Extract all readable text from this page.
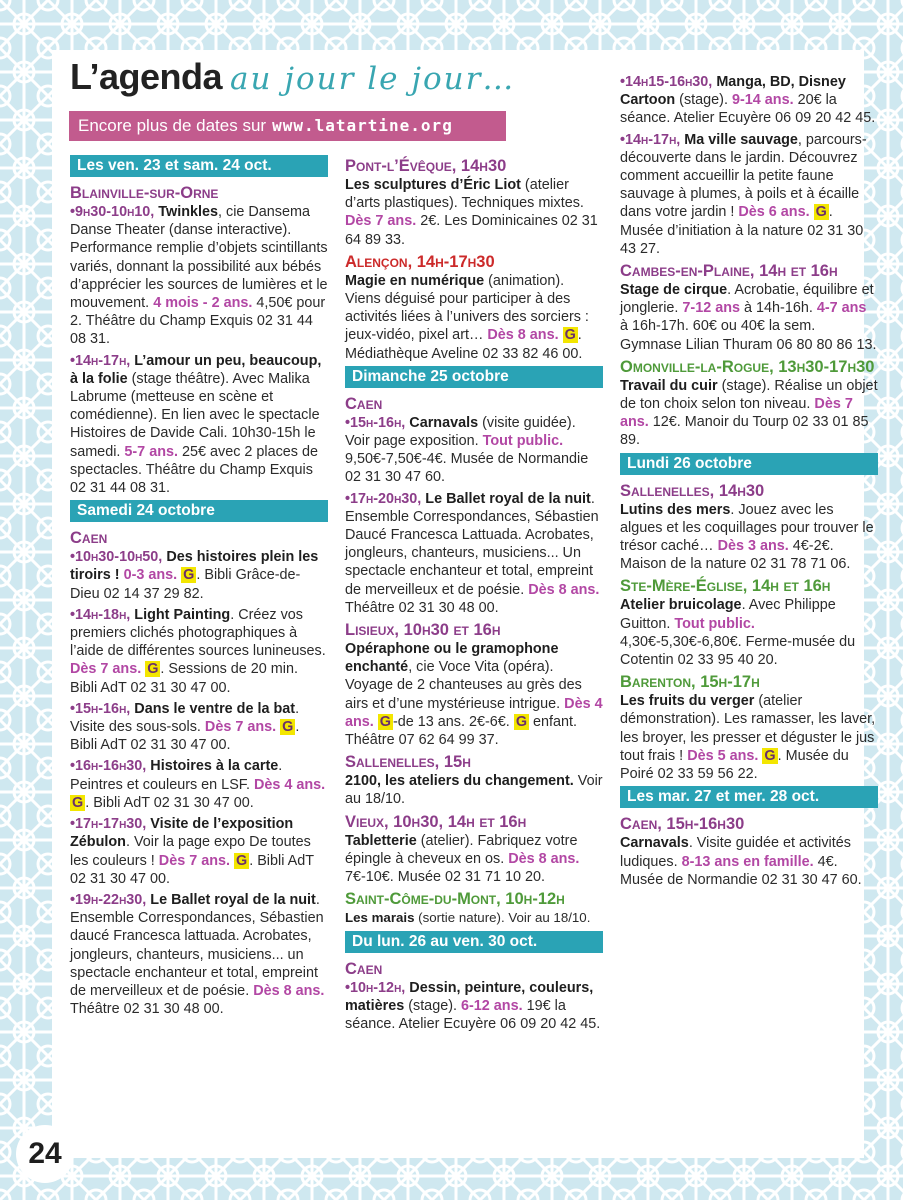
L’agenda au jour le jour…
Encore plus de dates sur www.latartine.org
Les ven. 23 et sam. 24 oct.
Blainville-sur-Orne
•9h30-10h10, Twinkles, cie Dansema Danse Theater (danse interactive). Performance remplie d’objets scintillants variés, donnant la possibilité aux bébés d’apprécier les sources de lumières et le mouvement. 4 mois - 2 ans. 4,50€ pour 2. Théâtre du Champ Exquis 02 31 44 08 31.
•14h-17h, L’amour un peu, beaucoup, à la folie (stage théâtre). Avec Malika Labrume (metteuse en scène et comédienne). En lien avec le spectacle Histoires de Davide Cali. 10h30-15h le samedi. 5-7 ans. 25€ avec 2 places de spectacles. Théâtre du Champ Exquis 02 31 44 08 31.
Samedi 24 octobre
Caen
•10h30-10h50, Des histoires plein les tiroirs ! 0-3 ans. G . Bibli Grâce-de-Dieu 02 14 37 29 82.
•14h-18h, Light Painting. Créez vos premiers clichés photographiques à l’aide de différentes sources lunineuses. Dès 7 ans. G . Sessions de 20 min. Bibli AdT 02 31 30 47 00.
•15h-16h, Dans le ventre de la bat. Visite des sous-sols. Dès 7 ans. G . Bibli AdT 02 31 30 47 00.
•16h-16h30, Histoires à la carte. Peintres et couleurs en LSF. Dès 4 ans. G . Bibli AdT 02 31 30 47 00.
•17h-17h30, Visite de l’exposition Zébulon. Voir la page expo De toutes les couleurs ! Dès 7 ans. G . Bibli AdT 02 31 30 47 00.
•19h-22h30, Le Ballet royal de la nuit. Ensemble Correspondances, Sébastien daucé Francesca lattuada. Acrobates, jongleurs, chanteurs, musiciens... un spectacle enchanteur et total, empreint de merveilleux et de poésie. Dès 8 ans. Théâtre 02 31 30 48 00.
Pont-l’Évêque, 14h30
Les sculptures d’Éric Liot (atelier d’arts plastiques). Techniques mixtes. Dès 7 ans. 2€. Les Dominicaines 02 31 64 89 33.
Alençon, 14h-17h30
Magie en numérique (animation). Viens déguisé pour participer à des activités liées à l’univers des sorciers : jeux-vidéo, pixel art… Dès 8 ans. G . Médiathèque Aveline 02 33 82 46 00.
Dimanche 25 octobre
Caen
•15h-16h, Carnavals (visite guidée). Voir page exposition. Tout public. 9,50€-7,50€-4€. Musée de Normandie 02 31 30 47 60.
•17h-20h30, Le Ballet royal de la nuit. Ensemble Correspondances, Sébastien Daucé Francesca Lattuada. Acrobates, jongleurs, chanteurs, musiciens... Un spectacle enchanteur et total, empreint de merveilleux et de poésie. Dès 8 ans. Théâtre 02 31 30 48 00.
Lisieux, 10h30 et 16h
Opéraphone ou le gramophone enchanté, cie Voce Vita (opéra). Voyage de 2 chanteuses au grès des airs et d’une mystérieuse intrigue. Dès 4 ans. G -de 13 ans. 2€-6€. G enfant. Théâtre 07 62 64 99 37.
Sallenelles, 15h
2100, les ateliers du changement. Voir au 18/10.
Vieux, 10h30, 14h et 16h
Tabletterie (atelier). Fabriquez votre épingle à cheveux en os. Dès 8 ans. 7€-10€. Musée 02 31 71 10 20.
Saint-Côme-du-Mont, 10h-12h
Les marais (sortie nature). Voir au 18/10.
Du lun. 26 au ven. 30 oct.
Caen
•10h-12h, Dessin, peinture, couleurs, matières (stage). 6-12 ans. 19€ la séance. Atelier Ecuyère 06 09 20 42 45.
•14h15-16h30, Manga, BD, Disney Cartoon (stage). 9-14 ans. 20€ la séance. Atelier Ecuyère 06 09 20 42 45.
•14h-17h, Ma ville sauvage, parcours-découverte dans le jardin. Découvrez comment accueillir la petite faune sauvage à plumes, à poils et à écaille dans votre jardin ! Dès 6 ans. G . Musée d’initiation à la nature 02 31 30 43 27.
Cambes-en-Plaine, 14h et 16h
Stage de cirque. Acrobatie, équilibre et jonglerie. 7-12 ans à 14h-16h. 4-7 ans à 16h-17h. 60€ ou 40€ la sem. Gymnase Lilian Thuram 06 80 80 86 13.
Omonville-la-Rogue, 13h30-17h30
Travail du cuir (stage). Réalise un objet de ton choix selon ton niveau. Dès 7 ans. 12€. Manoir du Tourp 02 33 01 85 89.
Lundi 26 octobre
Sallenelles, 14h30
Lutins des mers. Jouez avec les algues et les coquillages pour trouver le trésor caché… Dès 3 ans. 4€-2€. Maison de la nature 02 31 78 71 06.
Ste-Mère-Église, 14h et 16h
Atelier bruicolage. Avec Philippe Guitton. Tout public. 4,30€-5,30€-6,80€. Ferme-musée du Cotentin 02 33 95 40 20.
Barenton, 15h-17h
Les fruits du verger (atelier démonstration). Les ramasser, les laver, les broyer, les presser et déguster le jus tout frais ! Dès 5 ans. G . Musée du Poiré 02 33 59 56 22.
Les mar. 27 et mer. 28 oct.
Caen, 15h-16h30
Carnavals. Visite guidée et activités ludiques. 8-13 ans en famille. 4€. Musée de Normandie 02 31 30 47 60.
24
